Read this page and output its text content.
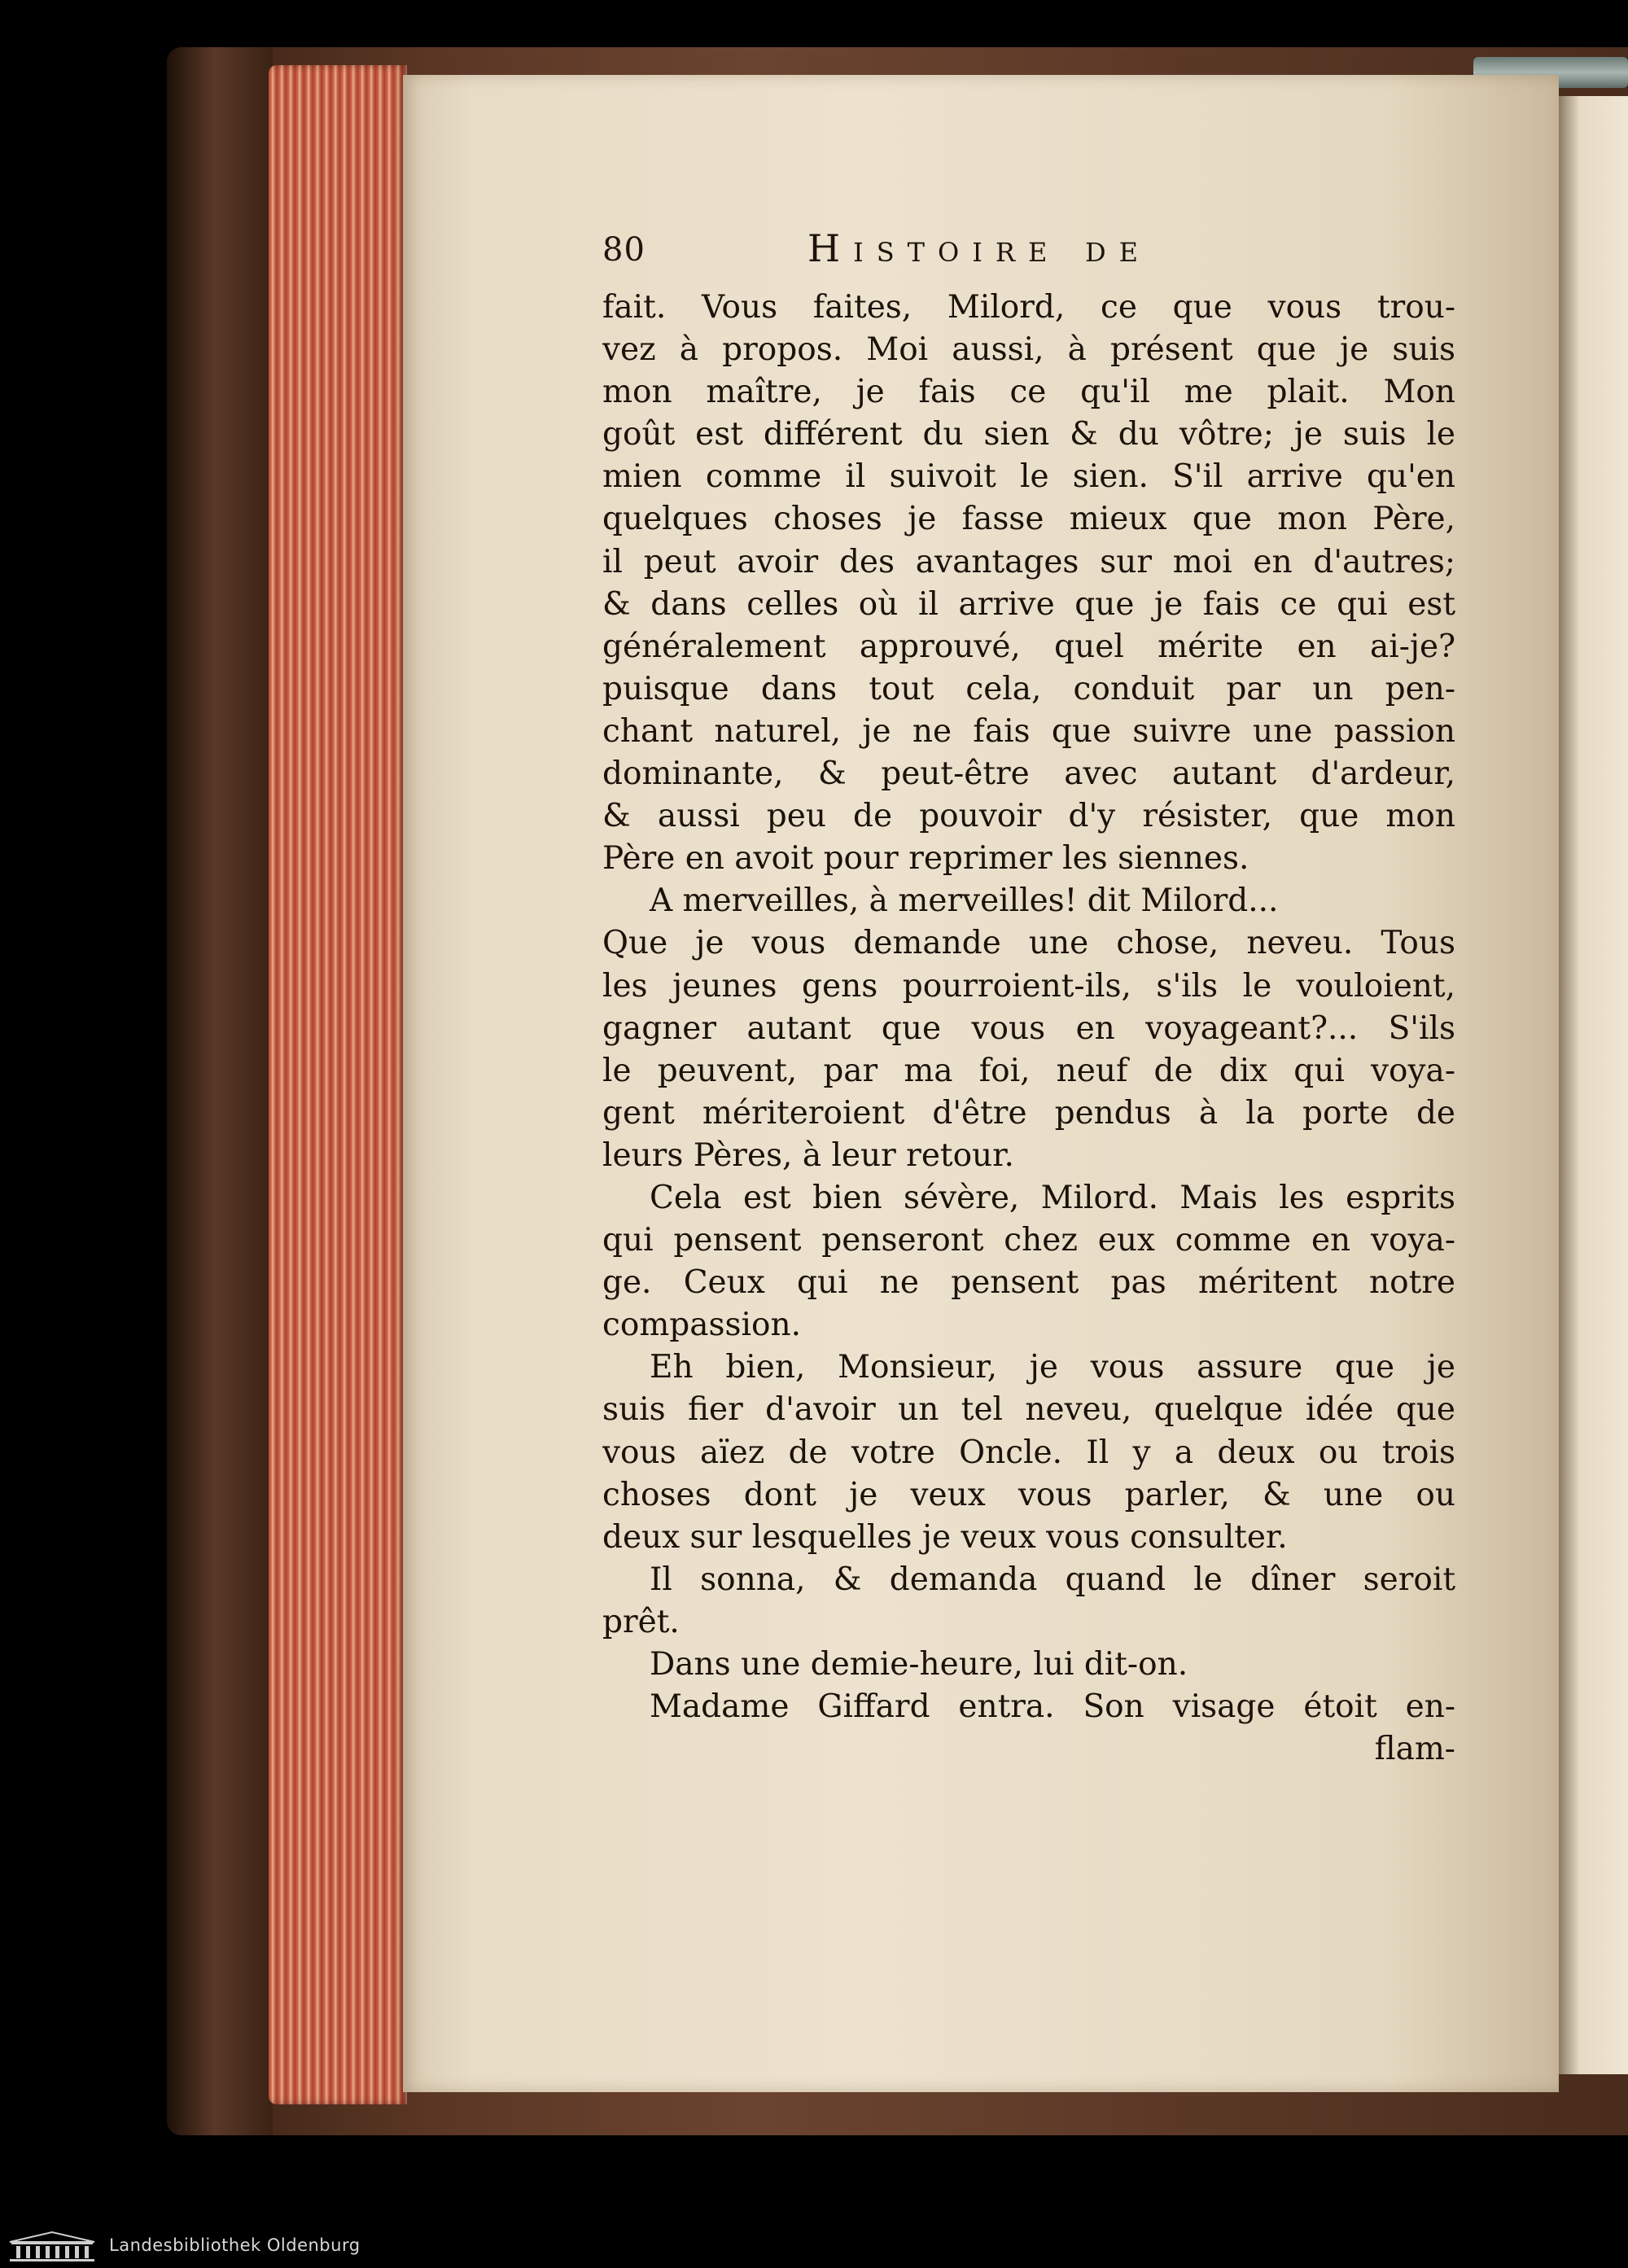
80	Histoire de
fait. Vous faites, Milord, ce que vous trou-
vez à propos. Moi aussi, à présent que je suis
mon maître, je fais ce qu'il me plait. Mon
goût est différent du sien & du vôtre; je suis le
mien comme il suivoit le sien. S'il arrive qu'en
quelques choses je fasse mieux que mon Père,
il peut avoir des avantages sur moi en d'autres;
& dans celles où il arrive que je fais ce qui est
généralement approuvé, quel mérite en ai-je?
puisque dans tout cela, conduit par un pen-
chant naturel, je ne fais que suivre une passion
dominante, & peut-être avec autant d'ardeur,
& aussi peu de pouvoir d'y résister, que mon
Père en avoit pour reprimer les siennes.
A merveilles, à merveilles! dit Milord...
Que je vous demande une chose, neveu. Tous
les jeunes gens pourroient-ils, s'ils le vouloient,
gagner autant que vous en voyageant?... S'ils
le peuvent, par ma foi, neuf de dix qui voya-
gent mériteroient d'être pendus à la porte de
leurs Pères, à leur retour.
Cela est bien sévère, Milord. Mais les esprits
qui pensent penseront chez eux comme en voya-
ge. Ceux qui ne pensent pas méritent notre
compassion.
Eh bien, Monsieur, je vous assure que je
suis fier d'avoir un tel neveu, quelque idée que
vous aïez de votre Oncle. Il y a deux ou trois
choses dont je veux vous parler, & une ou
deux sur lesquelles je veux vous consulter.
Il sonna, & demanda quand le dîner seroit
prêt.
Dans une demie-heure, lui dit-on.
Madame Giffard entra. Son visage étoit en-
flam-
Landesbibliothek Oldenburg
